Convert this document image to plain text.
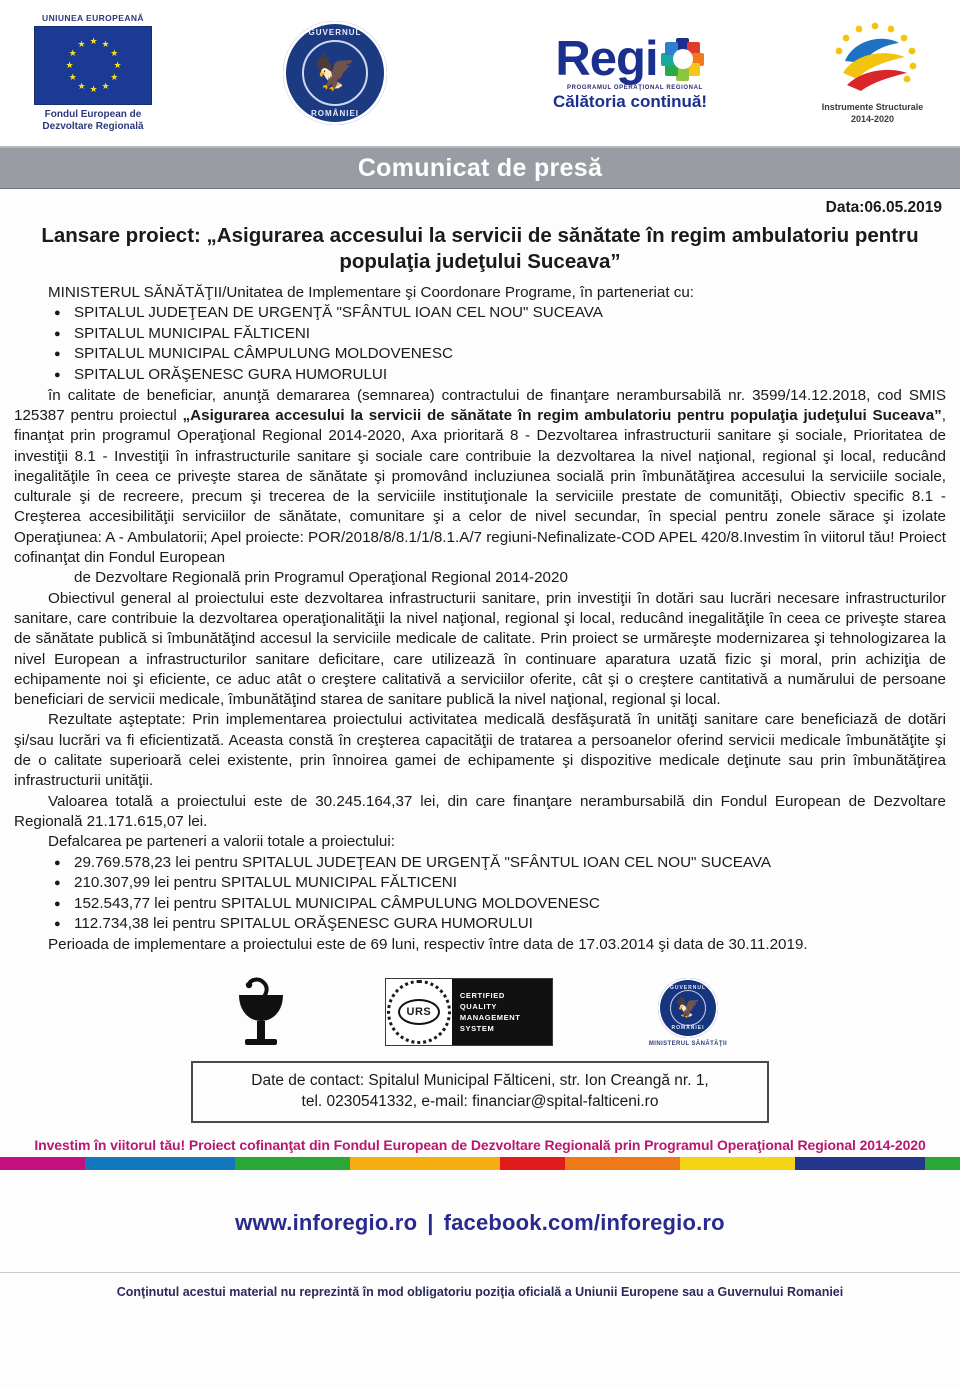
UNIUNEA EUROPEANĂ
★ ★
★
★
★
★
★
★
★
★
★
★
Fondul European de
Dezvoltare Regională
GUVERNUL
🦅
ROMÂNIEI
Regi
PROGRAMUL OPERAŢIONAL REGIONAL
Călătoria continuă!	Instrumente Structurale
2014-2020
Comunicat de presă
Data:06.05.2019
Lansare proiect: „Asigurarea accesului la servicii de sănătate în regim ambulatoriu pentru populaţia judeţului Suceava”
MINISTERUL SĂNĂTĂŢII/Unitatea de Implementare şi Coordonare Programe, în parteneriat cu:
● SPITALUL JUDEŢEAN DE URGENŢĂ "SFÂNTUL IOAN CEL NOU" SUCEAVA
● SPITALUL MUNICIPAL FĂLTICENI
● SPITALUL MUNICIPAL CÂMPULUNG MOLDOVENESC
● SPITALUL ORĂŞENESC GURA HUMORULUI

în calitate de beneficiar, anunţă demararea (semnarea) contractului de finanţare nerambursabilă nr. 3599/14.12.2018, cod SMIS 125387 pentru proiectul „Asigurarea accesului la servicii de sănătate în regim ambulatoriu pentru populaţia judeţului Suceava”, finanţat prin programul Operaţional Regional 2014-2020, Axa prioritară 8 - Dezvoltarea infrastructurii sanitare şi sociale, Prioritatea de investiţii 8.1 - Investiţii în infrastructurile sanitare şi sociale care contribuie la dezvoltarea la nivel naţional, regional şi local, reducând inegalităţile în ceea ce priveşte starea de sănătate şi promovând incluziunea socială prin îmbunătăţirea accesului la serviciile sociale, culturale şi de recreere, precum şi trecerea de la serviciile instituţionale la serviciile prestate de comunităţi, Obiectiv specific 8.1 - Creşterea accesibilităţii serviciilor de sănătate, comunitare şi a celor de nivel secundar, în special pentru zonele sărace şi izolate Operaţiunea: A - Ambulatorii; Apel proiecte: POR/2018/8/8.1/1/8.1.A/7 regiuni-Nefinalizate-COD APEL 420/8.Investim în viitorul tău! Proiect cofinanţat din Fondul European

de Dezvoltare Regională prin Programul Operaţional Regional 2014-2020

Obiectivul general al proiectului este dezvoltarea infrastructurii sanitare, prin investiţii în dotări sau lucrări necesare infrastructurilor sanitare, care contribuie la dezvoltarea operaţionalităţii la nivel naţional, regional şi local, reducând inegalităţile în ceea ce priveşte starea de sănătate publică si îmbunătăţind accesul la serviciile medicale de calitate. Prin proiect se urmăreşte modernizarea şi tehnologizarea la nivel European a infrastructurilor sanitare deficitare, care utilizează în continuare aparatura uzată fizic şi moral, prin achiziţia de echipamente noi şi eficiente, ce aduc atât o creştere calitativă a serviciilor oferite, cât şi o creştere cantitativă a numărului de persoane beneficiari de servicii medicale, îmbunătăţind starea de sanitare publică la nivel naţional, regional şi local.

Rezultate aşteptate: Prin implementarea proiectului activitatea medicală desfăşurată în unităţi sanitare care beneficiază de dotări şi/sau lucrări va fi eficientizată. Aceasta constă în creşterea capacităţii de tratarea a persoanelor oferind servicii medicale îmbunătăţite şi de o calitate superioară celei existente, prin înnoirea gamei de echipamente şi dispozitive medicale deţinute sau prin îmbunătăţirea infrastructurii unităţii.

Valoarea totală a proiectului este de 30.245.164,37 lei, din care finanţare nerambursabilă din Fondul European de Dezvoltare Regională 21.171.615,07 lei.

Defalcarea pe parteneri a valorii totale a proiectului:
● 29.769.578,23 lei pentru SPITALUL JUDEŢEAN DE URGENŢĂ "SFÂNTUL IOAN CEL NOU" SUCEAVA
● 210.307,99 lei pentru SPITALUL MUNICIPAL FĂLTICENI
● 152.543,77 lei pentru SPITALUL MUNICIPAL CÂMPULUNG MOLDOVENESC
● 112.734,38 lei pentru SPITALUL ORĂŞENESC GURA HUMORULUI

Perioada de implementare a proiectului este de 69 luni, respectiv între data de 17.03.2014 şi data de 30.11.2019.

URS
CERTIFIED
QUALITY
MANAGEMENT
SYSTEM
GUVERNUL
🦅
ROMÂNIEI
MINISTERUL SĂNĂTĂŢII
Date de contact: Spitalul Municipal Fălticeni, str. Ion Creangă nr. 1,
tel. 0230541332, e-mail: financiar@spital-falticeni.ro
Investim în viitorul tău! Proiect cofinanţat din Fondul European de Dezvoltare Regională prin Programul Operaţional Regional 2014-2020
www.inforegio.ro | facebook.com/inforegio.ro
Conţinutul acestui material nu reprezintă în mod obligatoriu poziţia oficială a Uniunii Europene sau a Guvernului Romaniei
